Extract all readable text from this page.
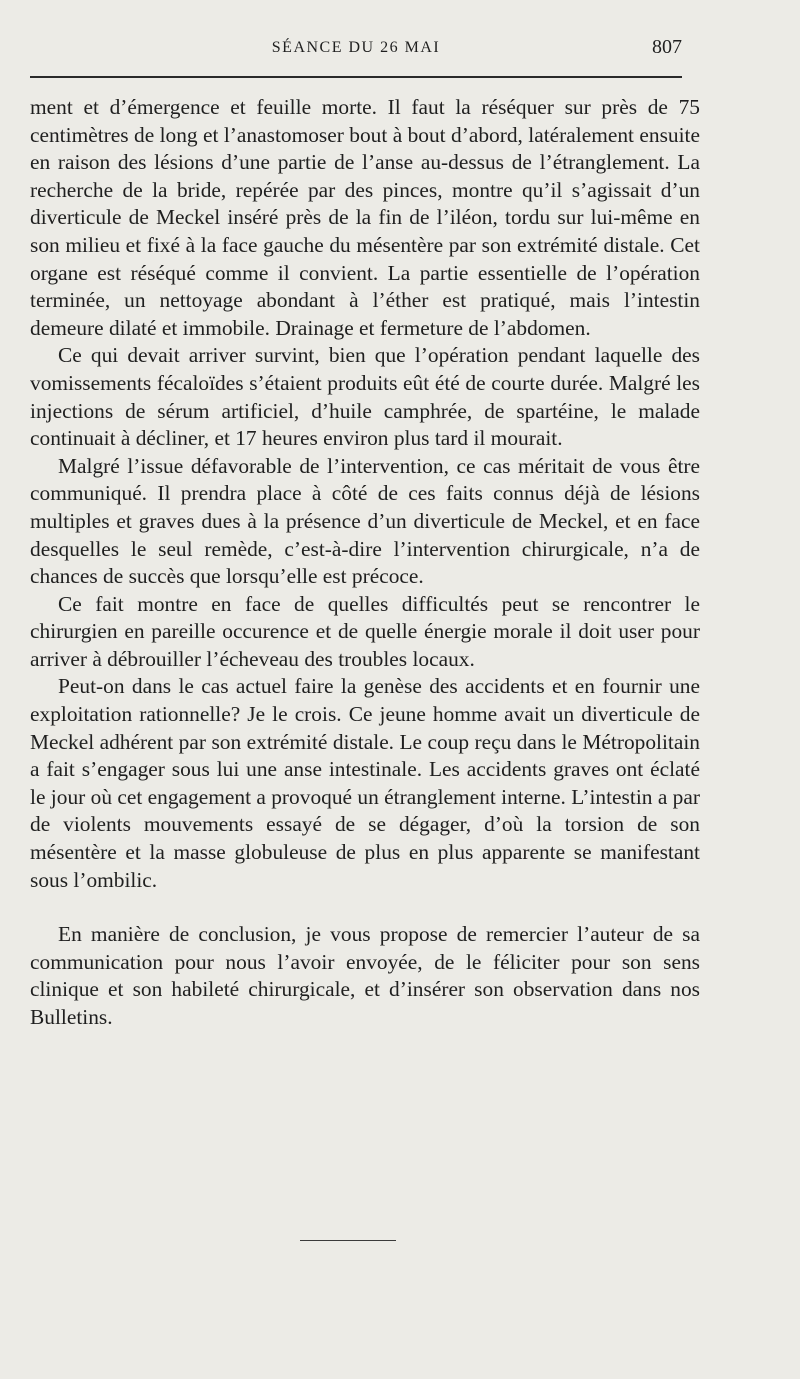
SÉANCE DU 26 MAI	807

ment et d’émergence et feuille morte. Il faut la réséquer sur près de 75 centimètres de long et l’anastomoser bout à bout d’abord, latéralement ensuite en raison des lésions d’une partie de l’anse au-dessus de l’étranglement. La recherche de la bride, repérée par des pinces, montre qu’il s’agissait d’un diverticule de Meckel inséré près de la fin de l’iléon, tordu sur lui-même en son milieu et fixé à la face gauche du mésentère par son extrémité distale. Cet organe est réséqué comme il convient. La partie essentielle de l’opération terminée, un nettoyage abondant à l’éther est pratiqué, mais l’intestin demeure dilaté et immobile. Drainage et fermeture de l’abdomen.

Ce qui devait arriver survint, bien que l’opération pendant laquelle des vomissements fécaloïdes s’étaient produits eût été de courte durée. Malgré les injections de sérum artificiel, d’huile camphrée, de spartéine, le malade continuait à décliner, et 17 heures environ plus tard il mourait.

Malgré l’issue défavorable de l’intervention, ce cas méritait de vous être communiqué. Il prendra place à côté de ces faits connus déjà de lésions multiples et graves dues à la présence d’un diverticule de Meckel, et en face desquelles le seul remède, c’est-à-dire l’intervention chirurgicale, n’a de chances de succès que lorsqu’elle est précoce.

Ce fait montre en face de quelles difficultés peut se rencontrer le chirurgien en pareille occurence et de quelle énergie morale il doit user pour arriver à débrouiller l’écheveau des troubles locaux.

Peut-on dans le cas actuel faire la genèse des accidents et en fournir une exploitation rationnelle? Je le crois. Ce jeune homme avait un diverticule de Meckel adhérent par son extrémité distale. Le coup reçu dans le Métropolitain a fait s’engager sous lui une anse intestinale. Les accidents graves ont éclaté le jour où cet engagement a provoqué un étranglement interne. L’intestin a par de violents mouvements essayé de se dégager, d’où la torsion de son mésentère et la masse globuleuse de plus en plus apparente se manifestant sous l’ombilic.

En manière de conclusion, je vous propose de remercier l’auteur de sa communication pour nous l’avoir envoyée, de le féliciter pour son sens clinique et son habileté chirurgicale, et d’insérer son observation dans nos Bulletins.
